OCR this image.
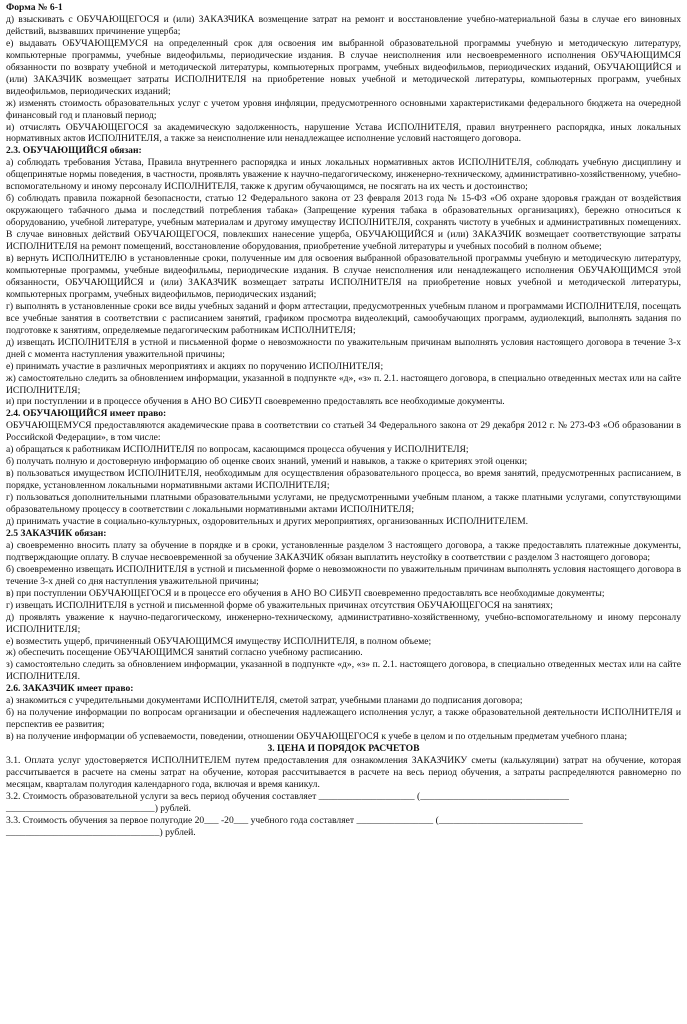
Форма № 6-1

д) взыскивать с ОБУЧАЮЩЕГОСЯ и (или) ЗАКАЗЧИКА возмещение затрат на ремонт и восстановление учебно-материальной базы в случае его виновных действий, вызвавших причинение ущерба;

е) выдавать ОБУЧАЮЩЕМУСЯ на определенный срок для освоения им выбранной образовательной программы учебную и методическую литературу, компьютерные программы, учебные видеофильмы, периодические издания. В случае неисполнения или несвоевременного исполнения ОБУЧАЮЩИМСЯ обязанности по возврату учебной и методической литературы, компьютерных программ, учебных видеофильмов, периодических изданий, ОБУЧАЮЩИЙСЯ и (или) ЗАКАЗЧИК возмещает затраты ИСПОЛНИТЕЛЯ на приобретение новых учебной и методической литературы, компьютерных программ, учебных видеофильмов, периодических изданий;

ж) изменять стоимость образовательных услуг с учетом уровня инфляции, предусмотренного основными характеристиками федерального бюджета на очередной финансовый год и плановый период;

и) отчислять ОБУЧАЮЩЕГОСЯ за академическую задолженность, нарушение Устава ИСПОЛНИТЕЛЯ, правил внутреннего распорядка, иных локальных нормативных актов ИСПОЛНИТЕЛЯ, а также за неисполнение или ненадлежащее исполнение условий настоящего договора.

2.3. ОБУЧАЮЩИЙСЯ обязан:

а) соблюдать требования Устава, Правила внутреннего распорядка и иных локальных нормативных актов ИСПОЛНИТЕЛЯ, соблюдать учебную дисциплину и общепринятые нормы поведения, в частности, проявлять уважение к научно-педагогическому, инженерно-техническому, административно-хозяйственному, учебно-вспомогательному и иному персоналу ИСПОЛНИТЕЛЯ, также к другим обучающимся, не посягать на их честь и достоинство;

б) соблюдать правила пожарной безопасности, статью 12 Федерального закона от 23 февраля 2013 года № 15-ФЗ «Об охране здоровья граждан от воздействия окружающего табачного дыма и последствий потребления табака» (Запрещение курения табака в образовательных организациях), бережно относиться к оборудованию, учебной литературе, учебным материалам и другому имуществу ИСПОЛНИТЕЛЯ, сохранять чистоту в учебных и административных помещениях. В случае виновных действий ОБУЧАЮЩЕГОСЯ, повлекших нанесение ущерба, ОБУЧАЮЩИЙСЯ и (или) ЗАКАЗЧИК возмещает соответствующие затраты ИСПОЛНИТЕЛЯ на ремонт помещений, восстановление оборудования, приобретение учебной литературы и учебных пособий в полном объеме;

в) вернуть ИСПОЛНИТЕЛЮ в установленные сроки, полученные им для освоения выбранной образовательной программы учебную и методическую литературу, компьютерные программы, учебные видеофильмы, периодические издания. В случае неисполнения или ненадлежащего исполнения ОБУЧАЮЩИМСЯ этой обязанности, ОБУЧАЮЩИЙСЯ и (или) ЗАКАЗЧИК возмещает затраты ИСПОЛНИТЕЛЯ на приобретение новых учебной и методической литературы, компьютерных программ, учебных видеофильмов, периодических изданий;

г) выполнять в установленные сроки все виды учебных заданий и форм аттестации, предусмотренных учебным планом и программами ИСПОЛНИТЕЛЯ, посещать все учебные занятия в соответствии с расписанием занятий, графиком просмотра видеолекций, самообучающих программ, аудиолекций, выполнять задания по подготовке к занятиям, определяемые педагогическим работникам ИСПОЛНИТЕЛЯ;

д) извещать ИСПОЛНИТЕЛЯ в устной и письменной форме о невозможности по уважительным причинам выполнять условия настоящего договора в течение 3-х дней с момента наступления уважительной причины;

е) принимать участие в различных мероприятиях и акциях по поручению ИСПОЛНИТЕЛЯ;

ж) самостоятельно следить за обновлением информации, указанной в подпункте «д», «з» п. 2.1. настоящего договора, в специально отведенных местах или на сайте ИСПОЛНИТЕЛЯ;

и) при поступлении и в процессе обучения в АНО ВО СИБУП своевременно предоставлять все необходимые документы.

2.4. ОБУЧАЮЩИЙСЯ имеет право:

ОБУЧАЮЩЕМУСЯ предоставляются академические права в соответствии со статьей 34 Федерального закона от 29 декабря 2012 г. № 273-ФЗ «Об образовании в Российской Федерации», в том числе:

а) обращаться к работникам ИСПОЛНИТЕЛЯ по вопросам, касающимся процесса обучения у ИСПОЛНИТЕЛЯ;

б) получать полную и достоверную информацию об оценке своих знаний, умений и навыков, а также о критериях этой оценки;

в) пользоваться имуществом ИСПОЛНИТЕЛЯ, необходимым для осуществления образовательного процесса, во время занятий, предусмотренных расписанием, в порядке, установленном локальными нормативными актами ИСПОЛНИТЕЛЯ;

г) пользоваться дополнительными платными образовательными услугами, не предусмотренными учебным планом, а также платными услугами, сопутствующими образовательному процессу в соответствии с локальными нормативными актами ИСПОЛНИТЕЛЯ;

д) принимать участие в социально-культурных, оздоровительных и других мероприятиях, организованных ИСПОЛНИТЕЛЕМ.

2.5 ЗАКАЗЧИК обязан:

а) своевременно вносить плату за обучение в порядке и в сроки, установленные разделом 3 настоящего договора, а также предоставлять платежные документы, подтверждающие оплату. В случае несвоевременной за обучение ЗАКАЗЧИК обязан выплатить неустойку в соответствии с разделом 3 настоящего договора;

б) своевременно извещать ИСПОЛНИТЕЛЯ в устной и письменной форме о невозможности по уважительным причинам выполнять условия настоящего договора в течение 3-х дней со дня наступления уважительной причины;

в) при поступлении ОБУЧАЮЩЕГОСЯ и в процессе его обучения в АНО ВО СИБУП своевременно предоставлять все необходимые документы;

г) извещать ИСПОЛНИТЕЛЯ в устной и письменной форме об уважительных причинах отсутствия ОБУЧАЮЩЕГОСЯ на занятиях;

д) проявлять уважение к научно-педагогическому, инженерно-техническому, административно-хозяйственному, учебно-вспомогательному и иному персоналу ИСПОЛНИТЕЛЯ;

е) возместить ущерб, причиненный ОБУЧАЮЩИМСЯ имуществу ИСПОЛНИТЕЛЯ, в полном объеме;

ж) обеспечить посещение ОБУЧАЮЩИМСЯ занятий согласно учебному расписанию.

з) самостоятельно следить за обновлением информации, указанной в подпункте «д», «з» п. 2.1. настоящего договора, в специально отведенных местах или на сайте ИСПОЛНИТЕЛЯ.

2.6. ЗАКАЗЧИК имеет право:

а) знакомиться с учредительными документами ИСПОЛНИТЕЛЯ, сметой затрат, учебными планами до подписания договора;

б) на получение информации по вопросам организации и обеспечения надлежащего исполнения услуг, а также образовательной деятельности ИСПОЛНИТЕЛЯ и перспектив ее развития;

в) на получение информации об успеваемости, поведении, отношении ОБУЧАЮЩЕГОСЯ к учебе в целом и по отдельным предметам учебного плана;

3. ЦЕНА И ПОРЯДОК РАСЧЕТОВ

3.1. Оплата услуг удостоверяется ИСПОЛНИТЕЛЕМ путем предоставления для ознакомления ЗАКАЗЧИКУ сметы (калькуляции) затрат на обучение, которая рассчитывается в расчете на смены затрат на обучение, которая рассчитывается в расчете на весь период обучения, а затраты распределяются равномерно по месяцам, кварталам полугодия календарного года, включая и время каникул.

3.2. Стоимость образовательной услуги за весь период обучения составляет ____________________ (_______________________________

_______________________________) рублей.

3.3. Стоимость обучения за первое полугодие 20___ -20___ учебного года составляет ________________ (______________________________

________________________________) рублей.
